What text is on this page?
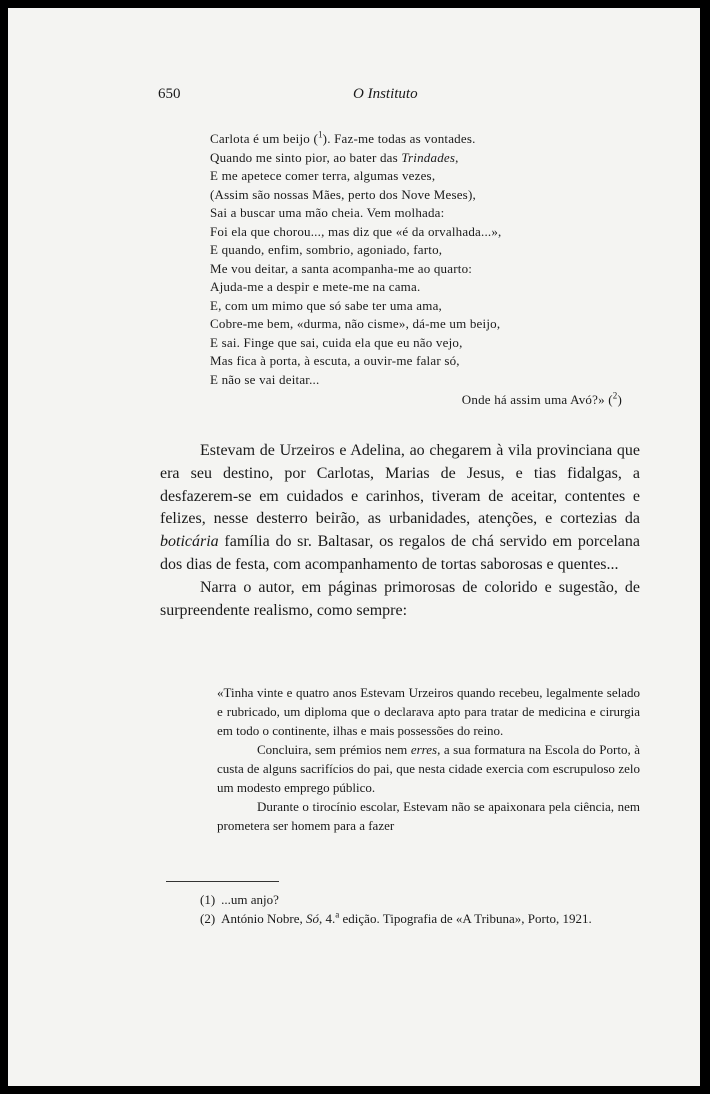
650	O Instituto
Carlota é um beijo ($^1$). Faz-me todas as vontades.
Quando me sinto pior, ao bater das Trindades,
E me apetece comer terra, algumas vezes,
(Assim são nossas Mães, perto dos Nove Meses),
Sai a buscar uma mão cheia. Vem molhada:
Foi ela que chorou..., mas diz que «é da orvalhada...»,
E quando, enfim, sombrio, agoniado, farto,
Me vou deitar, a santa acompanha-me ao quarto:
Ajuda-me a despir e mete-me na cama.
E, com um mimo que só sabe ter uma ama,
Cobre-me bem, «durma, não cisme», dá-me um beijo,
E sai. Finge que sai, cuida ela que eu não vejo,
Mas fica à porta, à escuta, a ouvir-me falar só,
E não se vai deitar...
Onde há assim uma Avó?» ($^2$)

Estevam de Urzeiros e Adelina, ao chegarem à vila provinciana que era seu destino, por Carlotas, Marias de Jesus, e tias fidalgas, a desfazerem-se em cuidados e carinhos, tiveram de aceitar, contentes e felizes, nesse desterro beirão, as urbanidades, atenções, e cortezias da boticária família do sr. Baltasar, os regalos de chá servido em porcelana dos dias de festa, com acompanhamento de tortas saborosas e quentes...

Narra o autor, em páginas primorosas de colorido e sugestão, de surpreendente realismo, como sempre:

«Tinha vinte e quatro anos Estevam Urzeiros quando recebeu, legalmente selado e rubricado, um diploma que o declarava apto para tratar de medicina e cirurgia em todo o continente, ilhas e mais possessões do reino.

Concluira, sem prémios nem erres, a sua formatura na Escola do Porto, à custa de alguns sacrifícios do pai, que nesta cidade exercia com escrupuloso zelo um modesto emprego público.

Durante o tirocínio escolar, Estevam não se apaixonara pela ciência, nem prometera ser homem para a fazer

(1) ...um anjo?

(2) António Nobre, Só, 4.$^a$ edição. Tipografia de «A Tribuna», Porto, 1921.
